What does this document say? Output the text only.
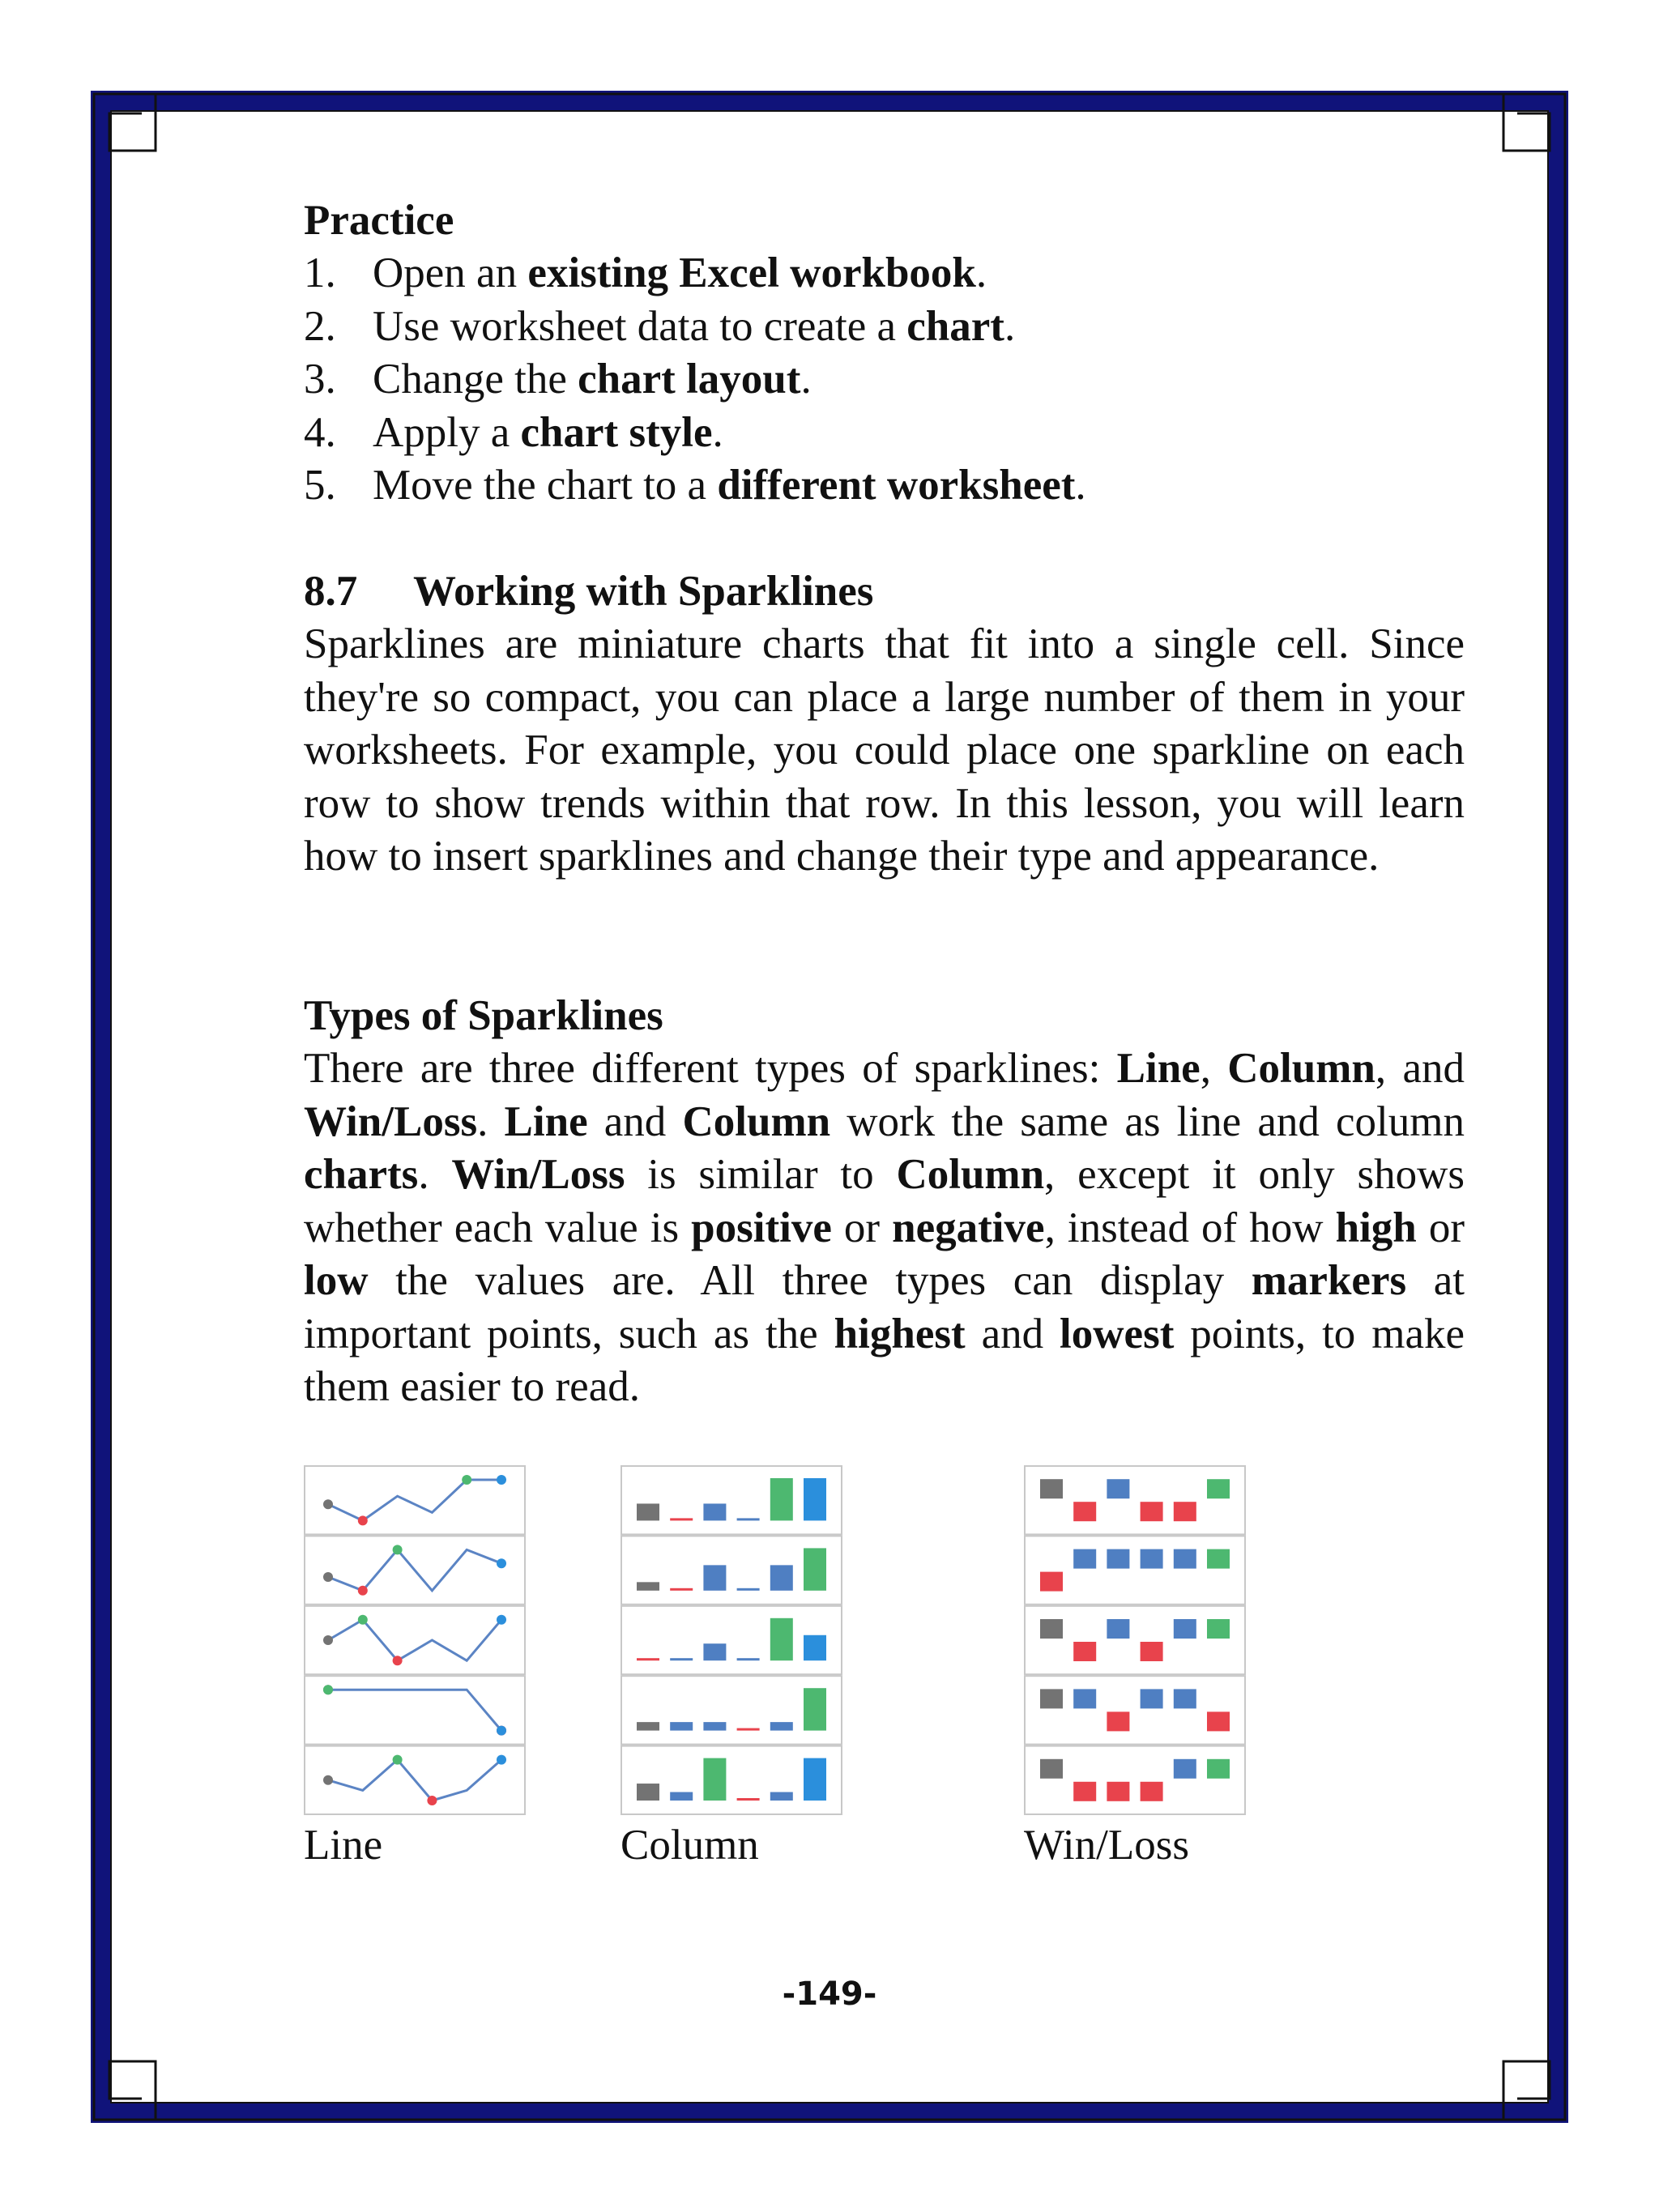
Practice

1. Open an existing Excel workbook.
2. Use worksheet data to create a chart.
3. Change the chart layout.
4. Apply a chart style.
5. Move the chart to a different worksheet.

8.7 Working with Sparklines

Sparklines are miniature charts that fit into a single cell. Since they're so compact, you can place a large number of them in your worksheets. For example, you could place one sparkline on each row to show trends within that row. In this lesson, you will learn how to insert sparklines and change their type and appearance.

Types of Sparklines

There are three different types of sparklines: Line, Column, and Win/Loss. Line and Column work the same as line and column charts. Win/Loss is similar to Column, except it only shows whether each value is positive or negative, instead of how high or low the values are. All three types can display markers at important points, such as the highest and lowest points, to make them easier to read.

Line	Column	Win/Loss
-149-
